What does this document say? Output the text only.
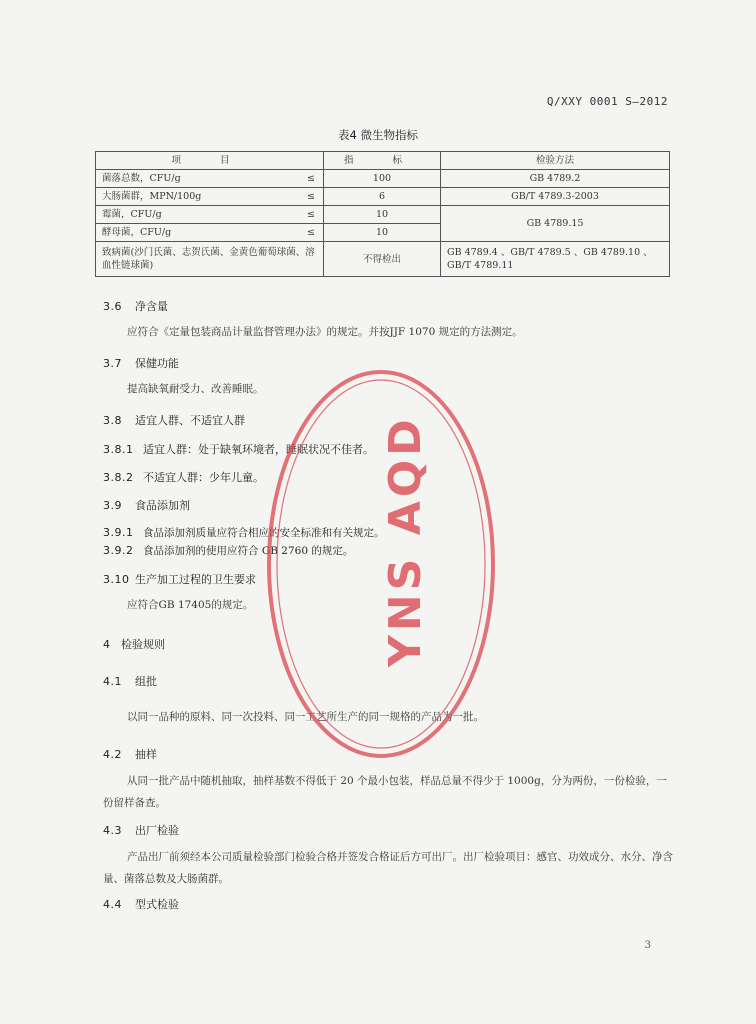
Q/XXY 0001 S—2012
表4 微生物指标
项 目	指 标	检验方法

菌落总数，CFU/g ≤	100	GB 4789.2

大肠菌群，MPN/100g ≤	6	GB/T 4789.3-2003

霉菌，CFU/g ≤	10	GB 4789.15

酵母菌，CFU/g ≤	10	
致病菌(沙门氏菌、志贺氏菌、金黄色葡萄球菌、溶血性链球菌)	不得检出	GB 4789.4 、GB/T 4789.5 、GB 4789.10 、GB/T 4789.11
3.6 净含量
应符合《定量包装商品计量监督管理办法》的规定。并按JJF 1070 规定的方法测定。
3.7 保健功能
提高缺氧耐受力、改善睡眠。
3.8 适宜人群、不适宜人群
3.8.1 适宜人群：处于缺氧环境者，睡眠状况不佳者。
3.8.2 不适宜人群：少年儿童。
3.9 食品添加剂
3.9.1 食品添加剂质量应符合相应的安全标准和有关规定。
3.9.2 食品添加剂的使用应符合 GB 2760 的规定。
3.10 生产加工过程的卫生要求
应符合GB 17405的规定。
4 检验规则
4.1 组批
以同一品种的原料、同一次投料、同一工艺所生产的同一规格的产品为一批。
4.2 抽样
从同一批产品中随机抽取，抽样基数不得低于 20 个最小包装，样品总量不得少于 1000g，分为两份，一份检验，一份留样备查。
4.3 出厂检验
产品出厂前须经本公司质量检验部门检验合格并签发合格证后方可出厂。出厂检验项目：感官、功效成分、水分、净含量、菌落总数及大肠菌群。
4.4 型式检验
3
YNS AQD
